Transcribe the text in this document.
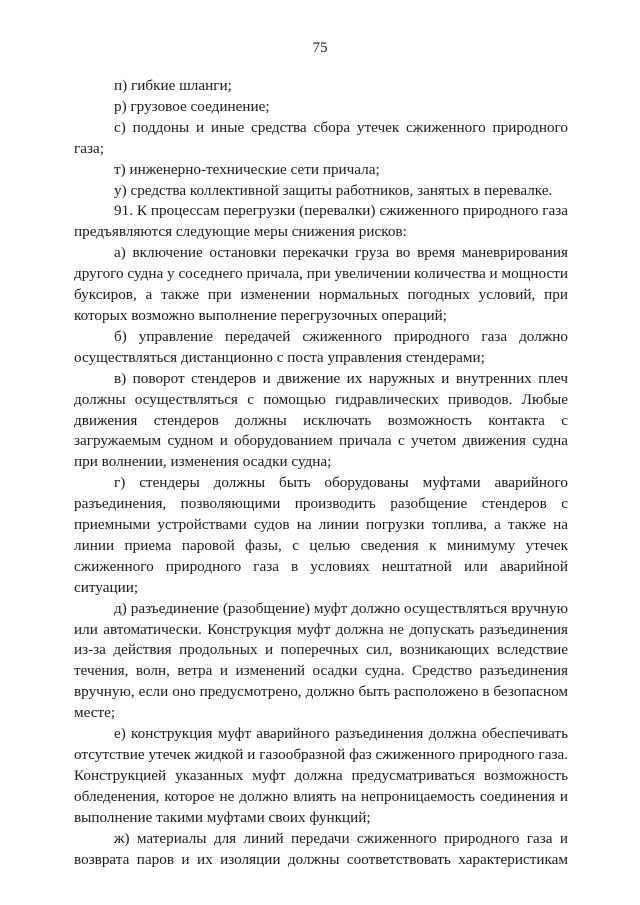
75

п) гибкие шланги;

р) грузовое соединение;

с) поддоны и иные средства сбора утечек сжиженного природного газа;

т) инженерно-технические сети причала;

у) средства коллективной защиты работников, занятых в перевалке.

91. К процессам перегрузки (перевалки) сжиженного природного газа предъявляются следующие меры снижения рисков:

а) включение остановки перекачки груза во время маневрирования другого судна у соседнего причала, при увеличении количества и мощности буксиров, а также при изменении нормальных погодных условий, при которых возможно выполнение перегрузочных операций;

б) управление передачей сжиженного природного газа должно осуществляться дистанционно с поста управления стендерами;

в) поворот стендеров и движение их наружных и внутренних плеч должны осуществляться с помощью гидравлических приводов. Любые движения стендеров должны исключать возможность контакта с загружаемым судном и оборудованием причала с учетом движения судна при волнении, изменения осадки судна;

г) стендеры должны быть оборудованы муфтами аварийного разъединения, позволяющими производить разобщение стендеров с приемными устройствами судов на линии погрузки топлива, а также на линии приема паровой фазы, с целью сведения к минимуму утечек сжиженного природного газа в условиях нештатной или аварийной ситуации;

д) разъединение (разобщение) муфт должно осуществляться вручную или автоматически. Конструкция муфт должна не допускать разъединения из-за действия продольных и поперечных сил, возникающих вследствие течения, волн, ветра и изменений осадки судна. Средство разъединения вручную, если оно предусмотрено, должно быть расположено в безопасном месте;

е) конструкция муфт аварийного разъединения должна обеспечивать отсутствие утечек жидкой и газообразной фаз сжиженного природного газа. Конструкцией указанных муфт должна предусматриваться возможность обледенения, которое не должно влиять на непроницаемость соединения и выполнение такими муфтами своих функций;

ж) материалы для линий передачи сжиженного природного газа и возврата паров и их изоляции должны соответствовать характеристикам
